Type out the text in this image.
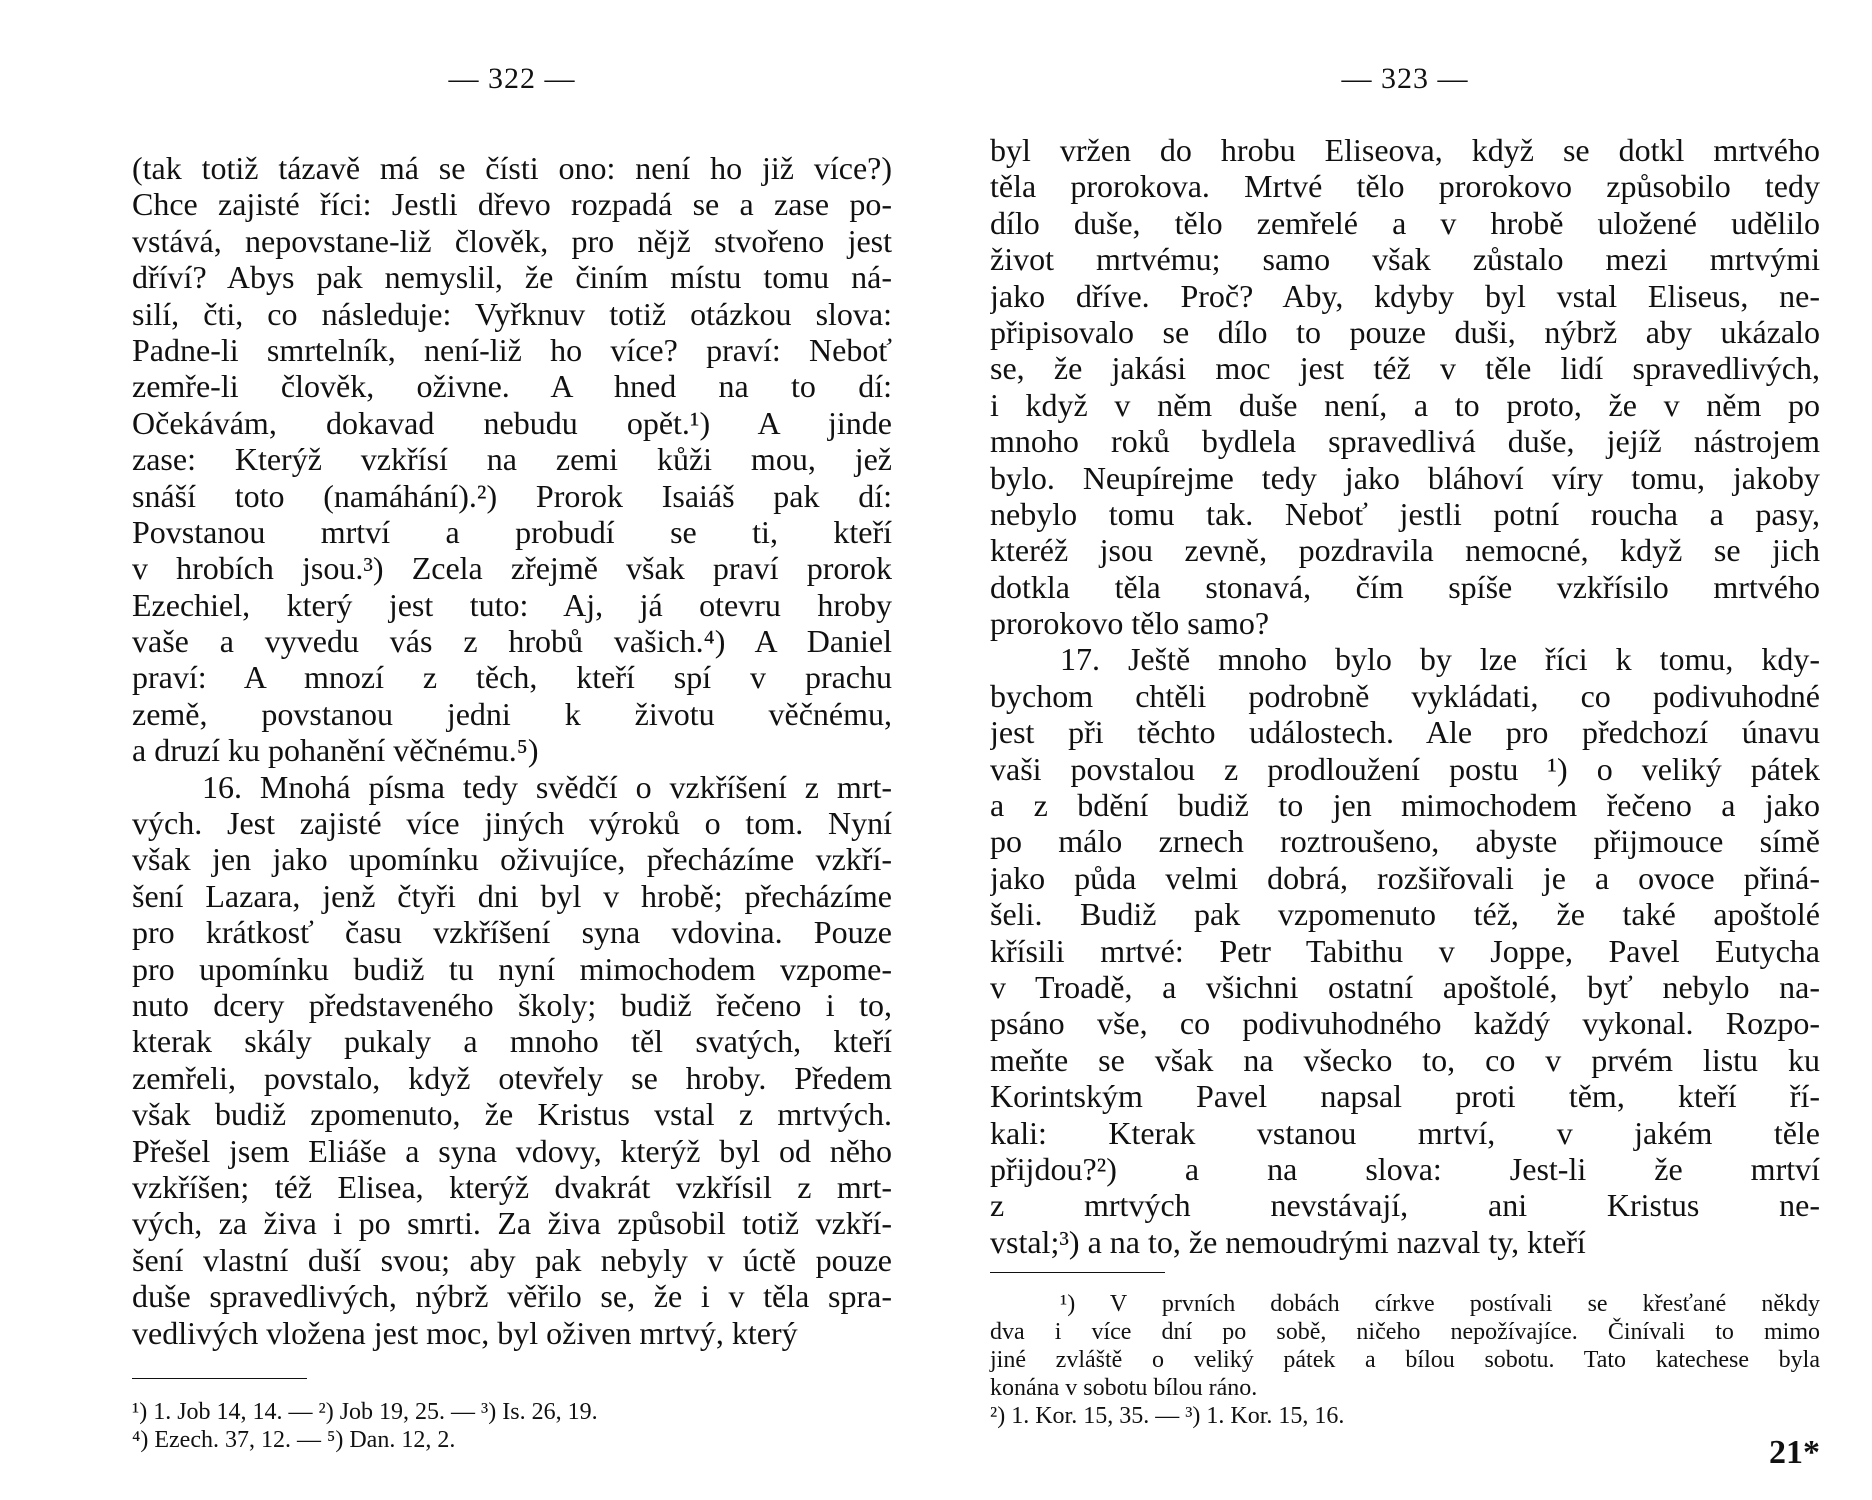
— 322 —
(tak totiž tázavě má se čísti ono: není ho již více?)
Chce zajisté říci: Jestli dřevo rozpadá se a zase po-
vstává, nepovstane-liž člověk, pro nějž stvořeno jest
dříví? Abys pak nemyslil, že činím místu tomu ná-
silí, čti, co následuje: Vyřknuv totiž otázkou slova:
Padne-li smrtelník, není-liž ho více? praví: Neboť
zemře-li člověk, oživne. A hned na to dí:
Očekávám, dokavad nebudu opět.¹) A jinde
zase: Kterýž vzkřísí na zemi kůži mou, jež
snáší toto (namáhání).²) Prorok Isaiáš pak dí:
Povstanou mrtví a probudí se ti, kteří
v hrobích jsou.³) Zcela zřejmě však praví prorok
Ezechiel, který jest tuto: Aj, já otevru hroby
vaše a vyvedu vás z hrobů vašich.⁴) A Daniel
praví: A mnozí z těch, kteří spí v prachu
země, povstanou jedni k životu věčnému,
a druzí ku pohanění věčnému.⁵)
16. Mnohá písma tedy svědčí o vzkříšení z mrt-
vých. Jest zajisté více jiných výroků o tom. Nyní
však jen jako upomínku oživujíce, přecházíme vzkří-
šení Lazara, jenž čtyři dni byl v hrobě; přecházíme
pro krátkosť času vzkříšení syna vdovina. Pouze
pro upomínku budiž tu nyní mimochodem vzpome-
nuto dcery představeného školy; budiž řečeno i to,
kterak skály pukaly a mnoho těl svatých, kteří
zemřeli, povstalo, když otevřely se hroby. Předem
však budiž zpomenuto, že Kristus vstal z mrtvých.
Přešel jsem Eliáše a syna vdovy, kterýž byl od něho
vzkříšen; též Elisea, kterýž dvakrát vzkřísil z mrt-
vých, za živa i po smrti. Za živa způsobil totiž vzkří-
šení vlastní duší svou; aby pak nebyly v úctě pouze
duše spravedlivých, nýbrž věřilo se, že i v těla spra-
vedlivých vložena jest moc, byl oživen mrtvý, který
¹) 1. Job 14, 14. — ²) Job 19, 25. — ³) Is. 26, 19.
⁴) Ezech. 37, 12. — ⁵) Dan. 12, 2.
— 323 —
byl vržen do hrobu Eliseova, když se dotkl mrtvého
těla prorokova. Mrtvé tělo prorokovo způsobilo tedy
dílo duše, tělo zemřelé a v hrobě uložené udělilo
život mrtvému; samo však zůstalo mezi mrtvými
jako dříve. Proč? Aby, kdyby byl vstal Eliseus, ne-
připisovalo se dílo to pouze duši, nýbrž aby ukázalo
se, že jakási moc jest též v těle lidí spravedlivých,
i když v něm duše není, a to proto, že v něm po
mnoho roků bydlela spravedlivá duše, jejíž nástrojem
bylo. Neupírejme tedy jako bláhoví víry tomu, jakoby
nebylo tomu tak. Neboť jestli potní roucha a pasy,
kteréž jsou zevně, pozdravila nemocné, když se jich
dotkla těla stonavá, čím spíše vzkřísilo mrtvého
prorokovo tělo samo?
17. Ještě mnoho bylo by lze říci k tomu, kdy-
bychom chtěli podrobně vykládati, co podivuhodné
jest při těchto událostech. Ale pro předchozí únavu
vaši povstalou z prodloužení postu ¹) o veliký pátek
a z bdění budiž to jen mimochodem řečeno a jako
po málo zrnech roztroušeno, abyste přijmouce símě
jako půda velmi dobrá, rozšiřovali je a ovoce přiná-
šeli. Budiž pak vzpomenuto též, že také apoštolé
křísili mrtvé: Petr Tabithu v Joppe, Pavel Eutycha
v Troadě, a všichni ostatní apoštolé, byť nebylo na-
psáno vše, co podivuhodného každý vykonal. Rozpo-
meňte se však na všecko to, co v prvém listu ku
Korintským Pavel napsal proti těm, kteří ří-
kali: Kterak vstanou mrtví, v jakém těle
přijdou?²) a na slova: Jest-li že mrtví
z mrtvých nevstávají, ani Kristus ne-
vstal;³) a na to, že nemoudrými nazval ty, kteří
¹) V prvních dobách církve postívali se křesťané někdy
dva i více dní po sobě, ničeho nepožívajíce. Činívali to mimo
jiné zvláště o veliký pátek a bílou sobotu. Tato katechese byla
konána v sobotu bílou ráno.
²) 1. Kor. 15, 35. — ³) 1. Kor. 15, 16.
21*
